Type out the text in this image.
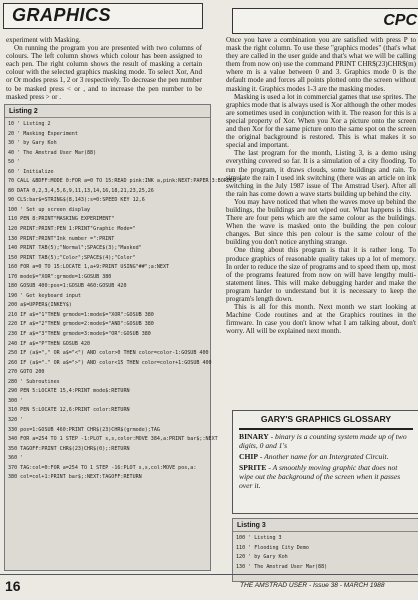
GRAPHICS	CPC

experiment with Masking.

On running the program you are presented with two columns of colours. The left column shows which colour has been assigned to each pen. The right column shows the result of masking a certain colour with the selected graphics masking mode. To select Xor, And or Or modes press 1, 2 or 3 respectively. To decrease the pen number to be masked press < or , and to increase the pen number to be masked press > or .

Listing 2
10 ' Listing 2
20 ' Masking Experiment
30 ' by Gary Koh
40 ' The Amstrad User Mar(88)
50 '
60 ' Initialize
70 CALL &BDFF:MODE 0:FOR a=0 TO 15:READ pink:INK a,pink:NEXT:PAPER 3:BORDER 3
80 DATA 0,2,3,4,5,6,9,11,13,14,16,18,21,23,25,26
90 CLS:bar$=STRING$(8,143):s=0:SPEED KEY 12,6
100 ' Set up screen display
110 PEN 8:PRINT"MASKING EXPERIMENT"
120 PRINT:PRINT:PEN 1:PRINT"Graphic Mode="
130 PRINT:PRINT"Ink number =":PRINT
140 PRINT TAB(5);"Normal";SPACE$(3);"Masked"
150 PRINT TAB(5);"Color";SPACE$(4);"Color"
160 FOR a=0 TO 15:LOCATE 1,a+9:PRINT USING"##";a:NEXT
170 mode$="XOR":grmode=1:GOSUB 380
180 GOSUB 400:pos=1:GOSUB 460:GOSUB 420
190 ' Get keyboard input
200 a$=UPPER$(INKEY$)
210 IF a$="1"THEN grmode=1:mode$="XOR":GOSUB 380
220 IF a$="2"THEN grmode=2:mode$="AND":GOSUB 380
230 IF a$="3"THEN grmode=3:mode$="OR":GOSUB 380
240 IF a$="P"THEN GOSUB 420
250 IF (a$="," OR a$="<") AND color>0 THEN color=color-1:GOSUB 400
260 IF (a$="." OR a$=">") AND color<15 THEN color=color+1:GOSUB 400
270 GOTO 200
280 ' Subroutines
290 PEN 5:LOCATE 15,4:PRINT mode$:RETURN
300 '
310 PEN 5:LOCATE 12,6:PRINT color:RETURN
320 '
330 pos=1:GOSUB 460:PRINT CHR$(23)CHR$(grmode);TAG
340 FOR a=254 TO 1 STEP -1:PLOT s,s,color:MOVE 384,a:PRINT bar$;:NEXT
350 TAGOFF:PRINT CHR$(23)CHR$(0);:RETURN
360 '
370 TAG:col=0:FOR a=254 TO 1 STEP -16:PLOT s,s,col:MOVE pos,a:
380 col=col+1:PRINT bar$;:NEXT:TAGOFF:RETURN

Once you have a combination you are satisfied with press P to mask the right column. To use these "graphics modes" (that's what they are called in the user guide and that's what we will be calling them from now on) use the command PRINT CHR$(23)CHR$(m) where m is a value between 0 and 3. Graphics mode 0 is the default mode and forces all points plotted onto the screen without masking it. Graphics modes 1-3 are the masking modes.

Masking is used a lot in commercial games that use sprites. The graphics mode that is always used is Xor although the other modes are sometimes used in conjunction with it. The reason for this is a special property of Xor. When you Xor a picture onto the screen and then Xor for the same picture onto the same spot on the screen the original background is restored. This is what makes it so special and important.

The last program for the month, Listing 3, is a demo using everything covered so far. It is a simulation of a city flooding. To run the program, it draws clouds, some buildings and rain. To simulate the rain I used ink switching (there was an article on ink switching in the July 1987 issue of The Amstrad User). After all the rain has come down a wave starts building up behind the city.

You may have noticed that when the waves move up behind the buildings, the buildings are not wiped out. What happens is this. There are four pens which are the same colour as the buildings. When the wave is masked onto the building the pen colour changes. But since this pen colour is the same colour of the building you don't notice anything strange.

One thing about this program is that it is rather long. To produce graphics of reasonable quality takes up a lot of memory. In order to reduce the size of programs and to speed them up, most of the programs featured from now on will have lengthy multi-statement lines. This will make debugging harder and make the program harder to understand but it is necessary to keep the program's length down.

This is all for this month. Next month we start looking at Machine Code routines and at the Graphics routines in the firmware. In case you don't know what I am talking about, don't worry. All will be explained next month.

GARY'S GRAPHICS GLOSSARY
BINARY - binary is a counting system made up of two digits, 0 and 1's
CHIP - Another name for an Intergrated Circuit.
SPRITE - A smoothly moving graphic that does not wipe out the background of the screen when it passes over it.
Listing 3
100 ' Listing 3
110 ' Flooding City Demo
120 ' by Gary Koh
130 ' The Amstrad User Mar(88)
16	THE AMSTRAD USER - Issue 38 - MARCH 1988
